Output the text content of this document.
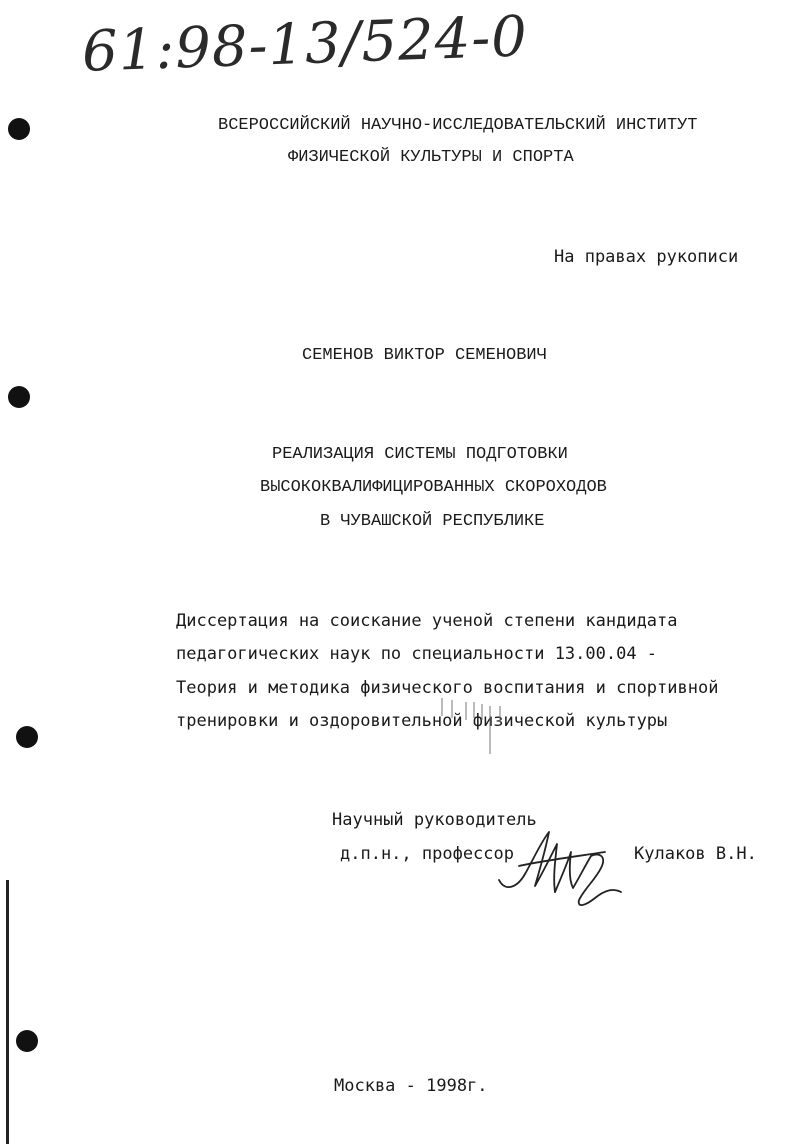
61:98-13/524-0
ВСЕРОССИЙСКИЙ НАУЧНО-ИССЛЕДОВАТЕЛЬСКИЙ ИНСТИТУТ
ФИЗИЧЕСКОЙ КУЛЬТУРЫ И СПОРТА
На правах рукописи
СЕМЕНОВ ВИКТОР СЕМЕНОВИЧ
РЕАЛИЗАЦИЯ СИСТЕМЫ ПОДГОТОВКИ
ВЫСОКОКВАЛИФИЦИРОВАННЫХ СКОРОХОДОВ
В ЧУВАШСКОЙ РЕСПУБЛИКЕ
Диссертация на соискание ученой степени кандидата
педагогических наук по специальности 13.00.04 -
Теория и методика физического воспитания и спортивной
тренировки и оздоровительной физической культуры
Научный руководитель
д.п.н., профессор	Кулаков В.Н.
Москва - 1998г.
